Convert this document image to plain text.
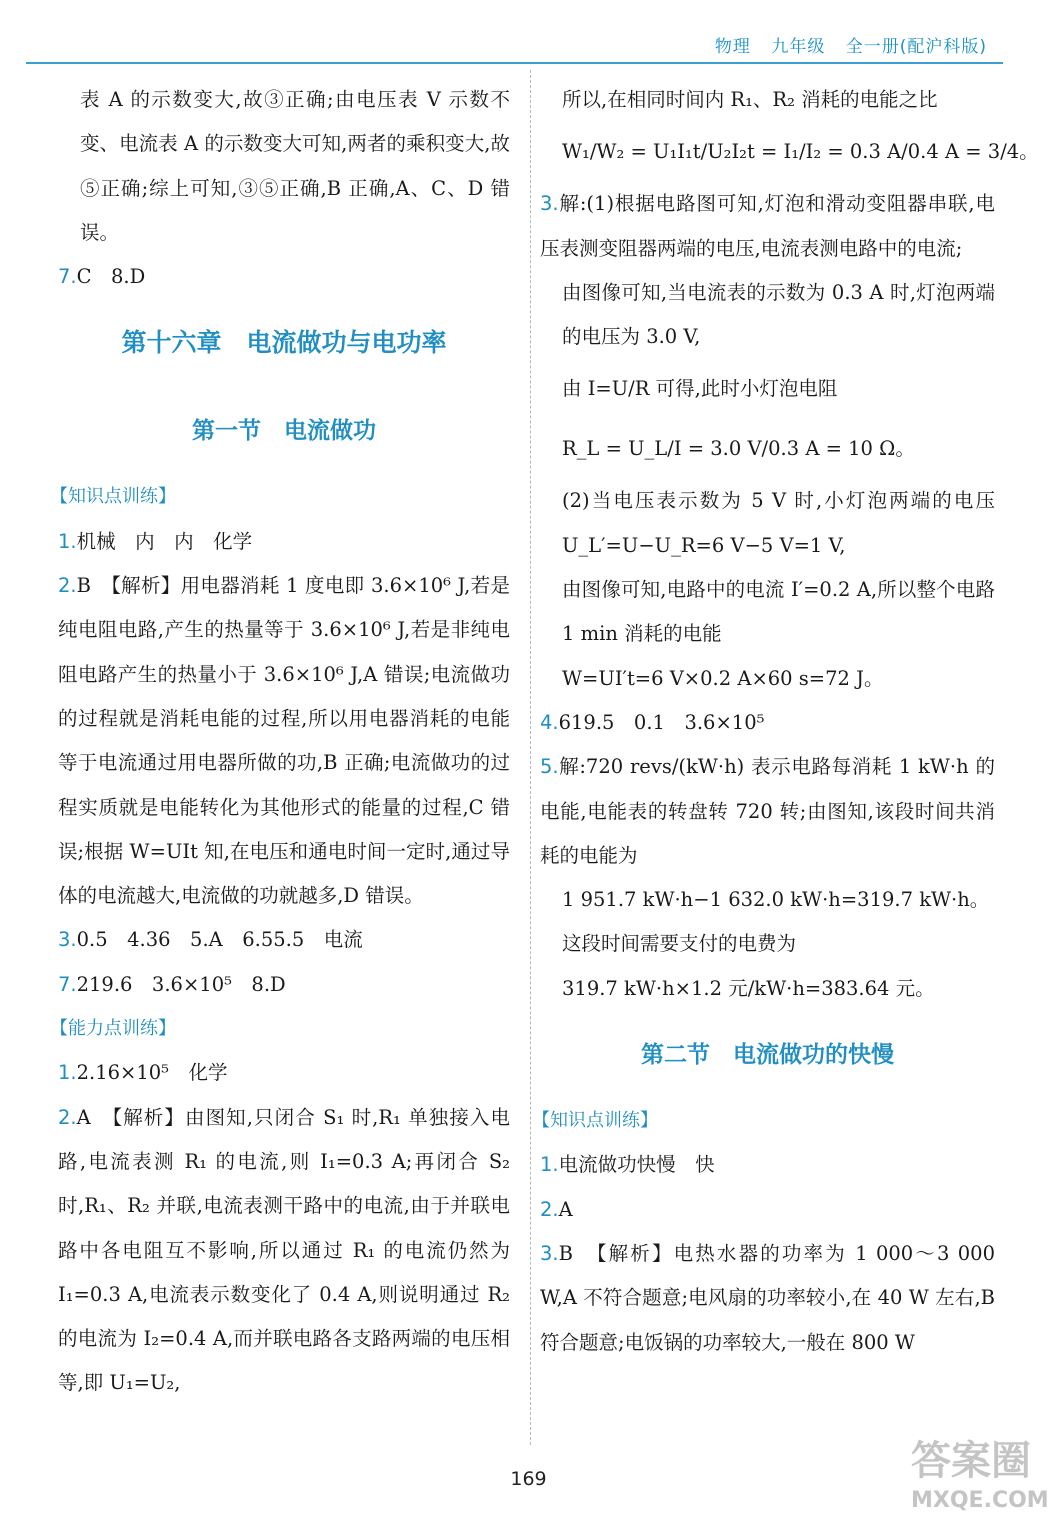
物理 九年级 全一册(配沪科版)
表 A 的示数变大,故③正确;由电压表 V 示数不变、电流表 A 的示数变大可知,两者的乘积变大,故⑤正确;综上可知,③⑤正确,B 正确,A、C、D 错误。
7.C　8.D
第十六章　电流做功与电功率
第一节　电流做功
【知识点训练】
1.机械　内　内　化学
2.B　【解析】用电器消耗 1 度电即 3.6×10⁶ J,若是纯电阻电路,产生的热量等于 3.6×10⁶ J,若是非纯电阻电路产生的热量小于 3.6×10⁶ J,A 错误;电流做功的过程就是消耗电能的过程,所以用电器消耗的电能等于电流通过用电器所做的功,B 正确;电流做功的过程实质就是电能转化为其他形式的能量的过程,C 错误;根据 W=UIt 知,在电压和通电时间一定时,通过导体的电流越大,电流做的功就越多,D 错误。
3.0.5　4.36　5.A　6.55.5　电流
7.219.6　3.6×10⁵　8.D
【能力点训练】
1.2.16×10⁵　化学
2.A　【解析】由图知,只闭合 S₁ 时,R₁ 单独接入电路,电流表测 R₁ 的电流,则 I₁=0.3 A;再闭合 S₂ 时,R₁、R₂ 并联,电流表测干路中的电流,由于并联电路中各电阻互不影响,所以通过 R₁ 的电流仍然为 I₁=0.3 A,电流表示数变化了 0.4 A,则说明通过 R₂ 的电流为 I₂=0.4 A,而并联电路各支路两端的电压相等,即 U₁=U₂,
所以,在相同时间内 R₁、R₂ 消耗的电能之比
W₁/W₂ = U₁I₁t/U₂I₂t = I₁/I₂ = 0.3 A/0.4 A = 3/4。
3.解:(1)根据电路图可知,灯泡和滑动变阻器串联,电压表测变阻器两端的电压,电流表测电路中的电流;
由图像可知,当电流表的示数为 0.3 A 时,灯泡两端的电压为 3.0 V,
由 I=U/R 可得,此时小灯泡电阻
R_L = U_L/I = 3.0 V/0.3 A = 10 Ω。
(2)当电压表示数为 5 V 时,小灯泡两端的电压 U_L′=U−U_R=6 V−5 V=1 V,
由图像可知,电路中的电流 I′=0.2 A,所以整个电路1 min 消耗的电能
W=UI′t=6 V×0.2 A×60 s=72 J。
4.619.5　0.1　3.6×10⁵
5.解:720 revs/(kW·h) 表示电路每消耗 1 kW·h 的电能,电能表的转盘转 720 转;由图知,该段时间共消耗的电能为
1 951.7 kW·h−1 632.0 kW·h=319.7 kW·h。
这段时间需要支付的电费为
319.7 kW·h×1.2 元/kW·h=383.64 元。
第二节　电流做功的快慢
【知识点训练】
1.电流做功快慢　快
2.A
3.B　【解析】电热水器的功率为 1 000～3 000 W,A 不符合题意;电风扇的功率较小,在 40 W 左右,B 符合题意;电饭锅的功率较大,一般在 800 W
169	答案圈
MXQE.COM
